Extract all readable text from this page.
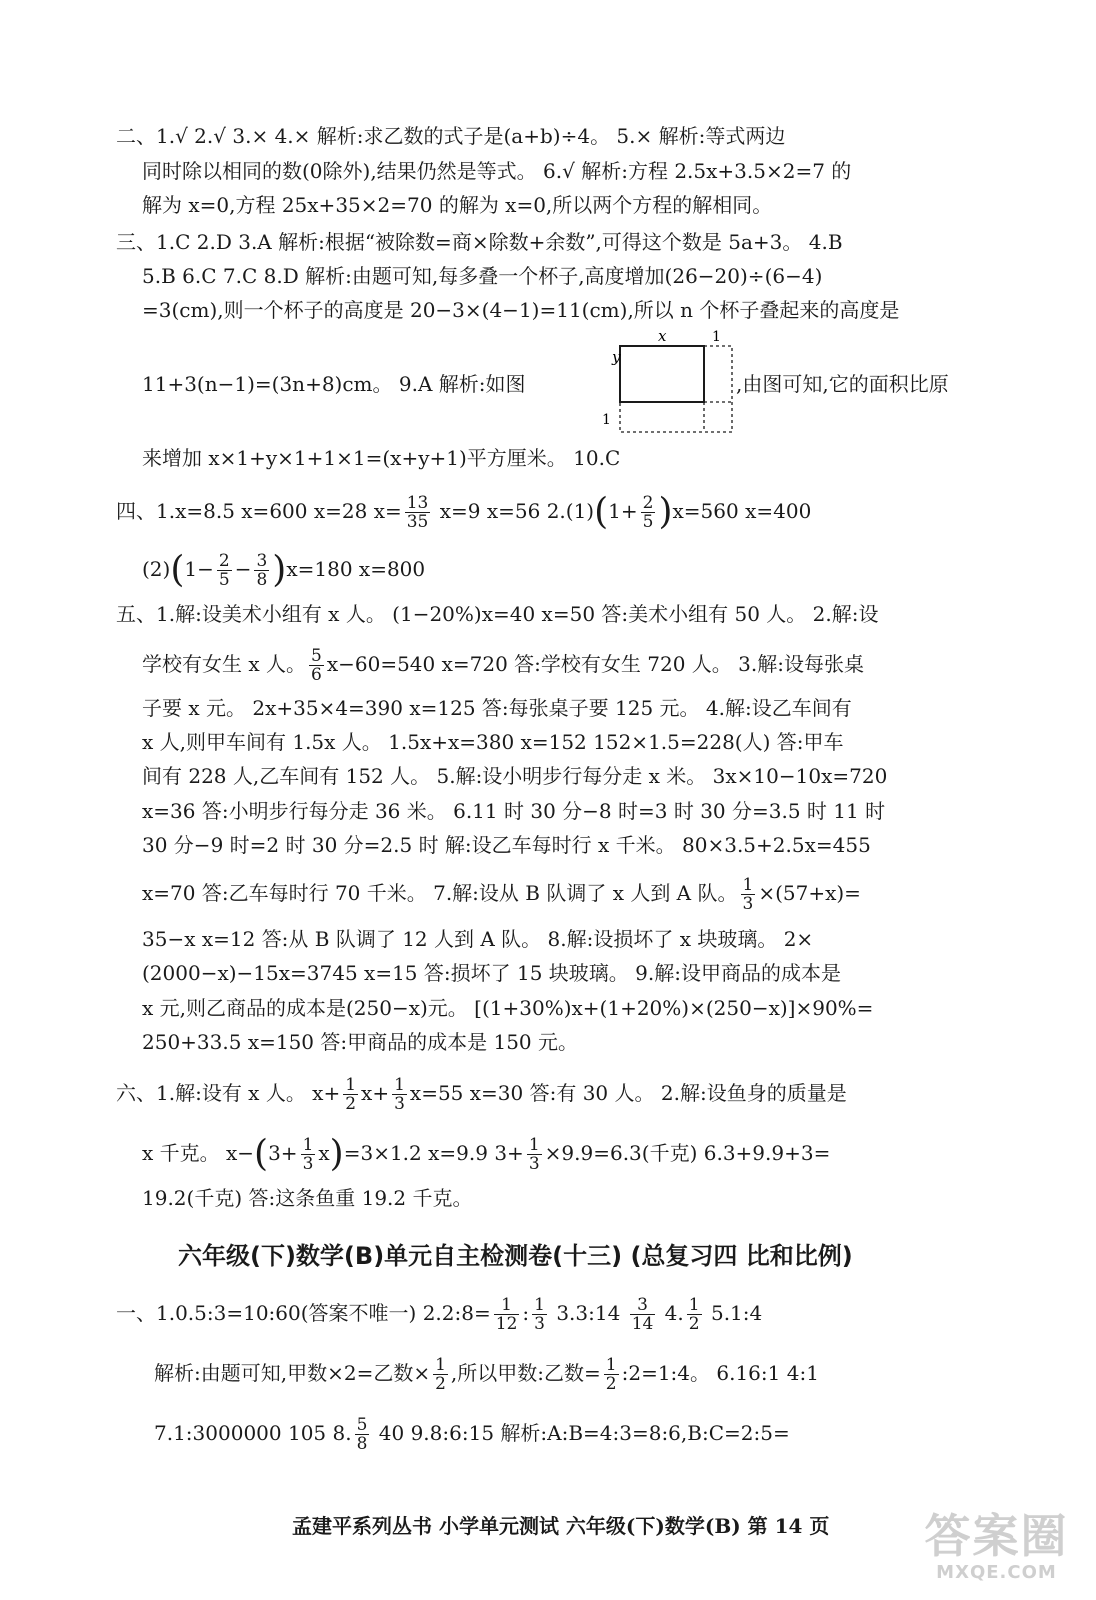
二、1.√ 2.√ 3.× 4.× 解析:求乙数的式子是(a+b)÷4。 5.× 解析:等式两边
同时除以相同的数(0除外),结果仍然是等式。 6.√ 解析:方程 2.5x+3.5×2=7 的
解为 x=0,方程 25x+35×2=70 的解为 x=0,所以两个方程的解相同。
三、1.C 2.D 3.A 解析:根据“被除数=商×除数+余数”,可得这个数是 5a+3。 4.B
5.B 6.C 7.C 8.D 解析:由题可知,每多叠一个杯子,高度增加(26−20)÷(6−4)
=3(cm),则一个杯子的高度是 20−3×(4−1)=11(cm),所以 n 个杯子叠起来的高度是
11+3(n−1)=(3n+8)cm。 9.A 解析:如图	,由图可知,它的面积比原
x	1
y
1
来增加 x×1+y×1+1×1=(x+y+1)平方厘米。 10.C
四、1.x=8.5 x=600 x=28 $x= \frac{13}{35} x=9$ x=56 $2.(1)(1+ \frac{2}{5} )x=560$ x=400
$(2)(1- \frac{2}{5} - \frac{3}{8} )x=180$ x=800
五、1.解:设美术小组有 x 人。 (1−20%)x=40 x=50 答:美术小组有 50 人。 2.解:设
学校有女生 x 人。 $\frac{5}{6} x-60=540$ x=720 答:学校有女生 720 人。 3.解:设每张桌
子要 x 元。 2x+35×4=390 x=125 答:每张桌子要 125 元。 4.解:设乙车间有
x 人,则甲车间有 1.5x 人。 1.5x+x=380 x=152 152×1.5=228(人) 答:甲车
间有 228 人,乙车间有 152 人。 5.解:设小明步行每分走 x 米。 3x×10−10x=720
x=36 答:小明步行每分走 36 米。 6.11 时 30 分−8 时=3 时 30 分=3.5 时 11 时
30 分−9 时=2 时 30 分=2.5 时 解:设乙车每时行 x 千米。 80×3.5+2.5x=455
x=70 答:乙车每时行 70 千米。 7.解:设从 B 队调了 x 人到 A 队。 $\frac{1}{3} \times(57+x)=$
35−x x=12 答:从 B 队调了 12 人到 A 队。 8.解:设损坏了 x 块玻璃。 2×
(2000−x)−15x=3745 x=15 答:损坏了 15 块玻璃。 9.解:设甲商品的成本是
x 元,则乙商品的成本是(250−x)元。 [(1+30%)x+(1+20%)×(250−x)]×90%=
250+33.5 x=150 答:甲商品的成本是 150 元。
六、1.解:设有 x 人。 $x+ \frac{1}{2} x+ \frac{1}{3} x=55$ x=30 答:有 30 人。 2.解:设鱼身的质量是
x 千克。 $x-(3+ \frac{1}{3} x)=3\times 1.2$ x=9.9 $3+ \frac{1}{3} \times 9.9=6.3$(千克) 6.3+9.9+3=
19.2(千克) 答:这条鱼重 19.2 千克。
六年级(下)数学(B)单元自主检测卷(十三) (总复习四 比和比例)
一、1.0.5:3=10:60(答案不唯一) 2.2:8= $\frac{1}{12}$ : $\frac{1}{3}$ 3.3:14 $\frac{3}{14} 4$. $\frac{1}{2}$ 5.1:4
解析:由题可知,甲数×2=乙数× $\frac{1}{2}$ ,所以甲数:乙数= $\frac{1}{2}$ :2=1:4。 6.16:1 4:1
7.1:3000000 105 8. $\frac{5}{8} 40$ 9.8:6:15 解析:A:B=4:3=8:6,B:C=2:5=
孟建平系列丛书 小学单元测试 六年级(下)数学(B) 第 14 页	答案圈
MXQE.COM
